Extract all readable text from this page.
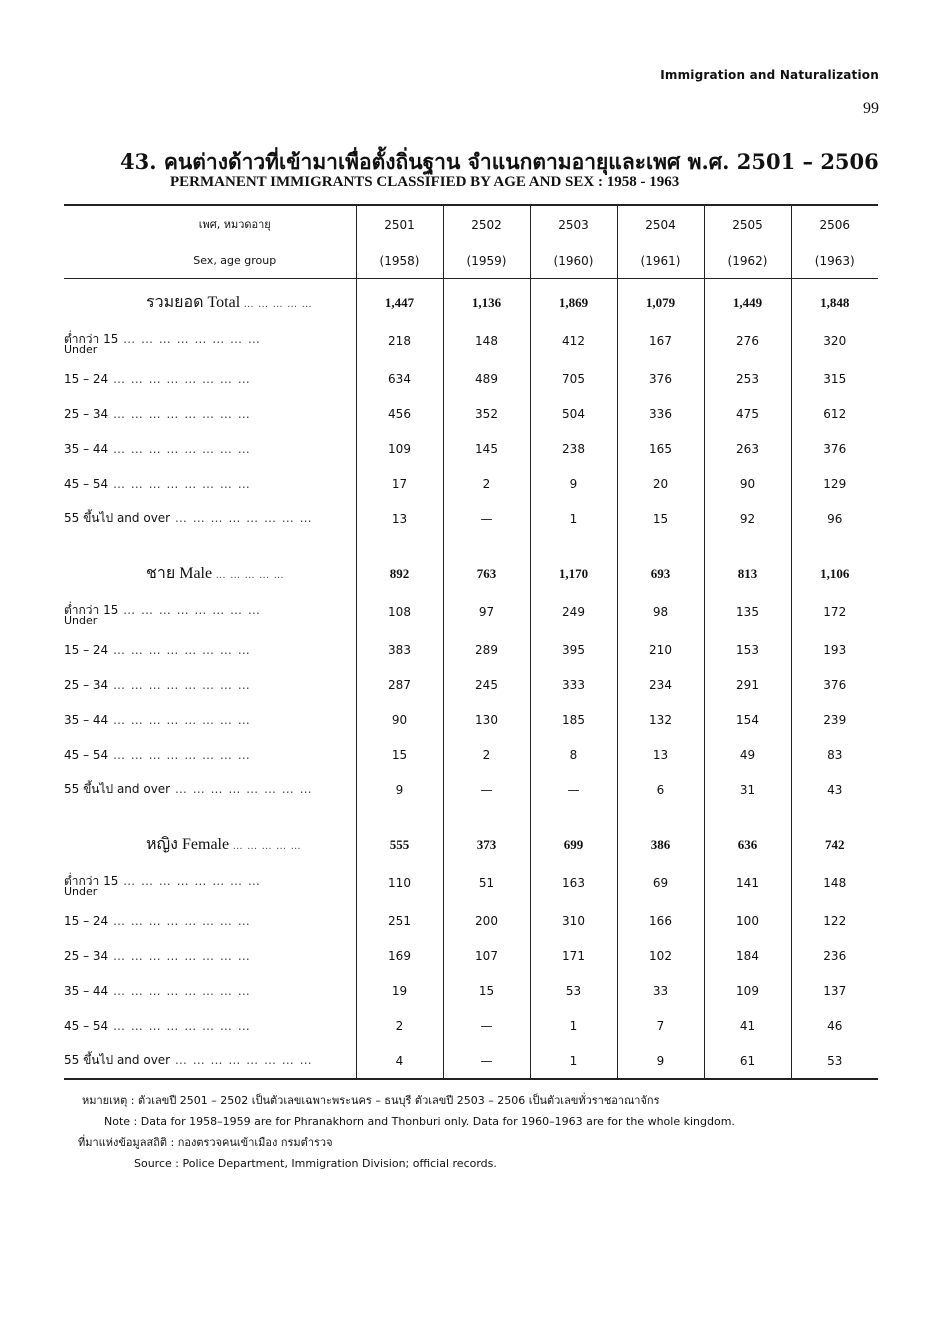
Immigration and Naturalization
99
43. คนต่างด้าวที่เข้ามาเพื่อตั้งถิ่นฐาน จำแนกตามอายุและเพศ พ.ศ. 2501 – 2506
PERMANENT IMMIGRANTS CLASSIFIED BY AGE AND SEX : 1958 - 1963
เพศ, หมวดอายุ	2501	2502	2503	2504	2505	2506
Sex, age group	(1958)	(1959)	(1960)	(1961)	(1962)	(1963)

รวมยอด Total … … … … …	1,447	1,136	1,869	1,079	1,449	1,848
ต่ำกว่า 15 … … … … … … … …
Under	218	148	412	167	276	320
15 – 24 … … … … … … … …	634	489	705	376	253	315
25 – 34 … … … … … … … …	456	352	504	336	475	612
35 – 44 … … … … … … … …	109	145	238	165	263	376
45 – 54 … … … … … … … …	17	2	9	20	90	129
55 ขึ้นไป and over … … … … … … … …	13	—	1	15	92	96

ชาย Male … … … … …	892	763	1,170	693	813	1,106
ต่ำกว่า 15 … … … … … … … …
Under	108	97	249	98	135	172
15 – 24 … … … … … … … …	383	289	395	210	153	193
25 – 34 … … … … … … … …	287	245	333	234	291	376
35 – 44 … … … … … … … …	90	130	185	132	154	239
45 – 54 … … … … … … … …	15	2	8	13	49	83
55 ขึ้นไป and over … … … … … … … …	9	—	—	6	31	43

หญิง Female … … … … …	555	373	699	386	636	742
ต่ำกว่า 15 … … … … … … … …
Under	110	51	163	69	141	148
15 – 24 … … … … … … … …	251	200	310	166	100	122
25 – 34 … … … … … … … …	169	107	171	102	184	236
35 – 44 … … … … … … … …	19	15	53	33	109	137
45 – 54 … … … … … … … …	2	—	1	7	41	46
55 ขึ้นไป and over … … … … … … … …	4	—	1	9	61	53
หมายเหตุ : ตัวเลขปี 2501 – 2502 เป็นตัวเลขเฉพาะพระนคร – ธนบุรี ตัวเลขปี 2503 – 2506 เป็นตัวเลขทั่วราชอาณาจักร
Note : Data for 1958–1959 are for Phranakhorn and Thonburi only. Data for 1960–1963 are for the whole kingdom.
ที่มาแห่งข้อมูลสถิติ : กองตรวจคนเข้าเมือง กรมตำรวจ
Source : Police Department, Immigration Division; official records.
